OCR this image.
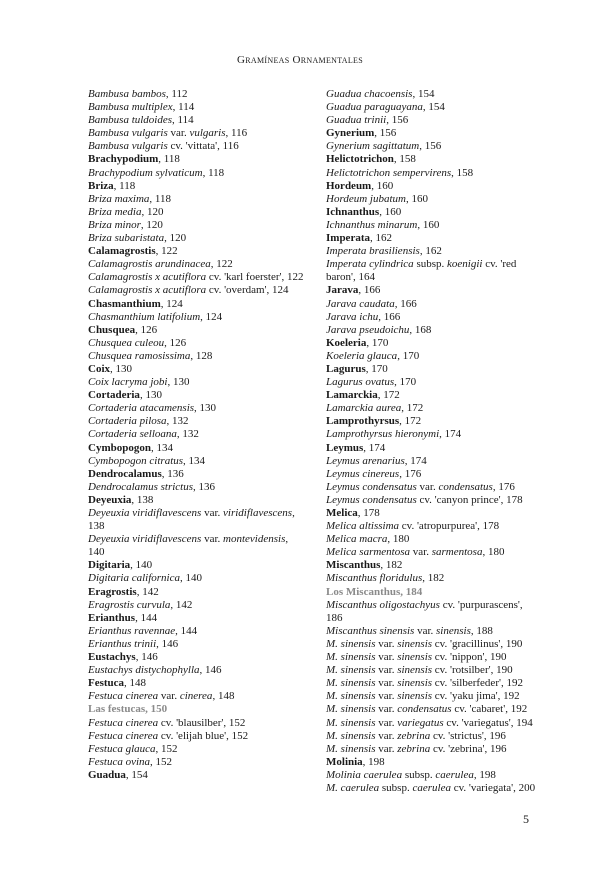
Gramíneas Ornamentales
Bambusa bambos, 112
Bambusa multiplex, 114
Bambusa tuldoides, 114
Bambusa vulgaris var. vulgaris, 116
Bambusa vulgaris cv. 'vittata', 116
Brachypodium, 118
Brachypodium sylvaticum, 118
Briza, 118
Briza maxima, 118
Briza media, 120
Briza minor, 120
Briza subaristata, 120
Calamagrostis, 122
Calamagrostis arundinacea, 122
Calamagrostis x acutiflora cv. 'karl foerster', 122
Calamagrostis x acutiflora cv. 'overdam', 124
Chasmanthium, 124
Chasmanthium latifolium, 124
Chusquea, 126
Chusquea culeou, 126
Chusquea ramosissima, 128
Coix, 130
Coix lacryma jobi, 130
Cortaderia, 130
Cortaderia atacamensis, 130
Cortaderia pilosa, 132
Cortaderia selloana, 132
Cymbopogon, 134
Cymbopogon citratus, 134
Dendrocalamus, 136
Dendrocalamus strictus, 136
Deyeuxia, 138
Deyeuxia viridiflavescens var. viridiflavescens,
138
Deyeuxia viridiflavescens var. montevidensis,
140
Digitaria, 140
Digitaria californica, 140
Eragrostis, 142
Eragrostis curvula, 142
Erianthus, 144
Erianthus ravennae, 144
Erianthus trinii, 146
Eustachys, 146
Eustachys distychophylla, 146
Festuca, 148
Festuca cinerea var. cinerea, 148
Las festucas, 150
Festuca cinerea cv. 'blausilber', 152
Festuca cinerea cv. 'elijah blue', 152
Festuca glauca, 152
Festuca ovina, 152
Guadua, 154
Guadua chacoensis, 154
Guadua paraguayana, 154
Guadua trinii, 156
Gynerium, 156
Gynerium sagittatum, 156
Helictotrichon, 158
Helictotrichon sempervirens, 158
Hordeum, 160
Hordeum jubatum, 160
Ichnanthus, 160
Ichnanthus minarum, 160
Imperata, 162
Imperata brasiliensis, 162
Imperata cylindrica subsp. koenigii cv. 'red
baron', 164
Jarava, 166
Jarava caudata, 166
Jarava ichu, 166
Jarava pseudoichu, 168
Koeleria, 170
Koeleria glauca, 170
Lagurus, 170
Lagurus ovatus, 170
Lamarckia, 172
Lamarckia aurea, 172
Lamprothyrsus, 172
Lamprothyrsus hieronymi, 174
Leymus, 174
Leymus arenarius, 174
Leymus cinereus, 176
Leymus condensatus var. condensatus, 176
Leymus condensatus cv. 'canyon prince', 178
Melica, 178
Melica altissima cv. 'atropurpurea', 178
Melica macra, 180
Melica sarmentosa var. sarmentosa, 180
Miscanthus, 182
Miscanthus floridulus, 182
Los Miscanthus, 184
Miscanthus oligostachyus cv. 'purpurascens', 186
Miscanthus sinensis var. sinensis, 188
M. sinensis var. sinensis cv. 'gracillinus', 190
M. sinensis var. sinensis cv. 'nippon', 190
M. sinensis var. sinensis cv. 'rotsilber', 190
M. sinensis var. sinensis cv. 'silberfeder', 192
M. sinensis var. sinensis cv. 'yaku jima', 192
M. sinensis var. condensatus cv. 'cabaret', 192
M. sinensis var. variegatus cv. 'variegatus', 194
M. sinensis var. zebrina cv. 'strictus', 196
M. sinensis var. zebrina cv. 'zebrina', 196
Molinia, 198
Molinia caerulea subsp. caerulea, 198
M. caerulea subsp. caerulea cv. 'variegata', 200
5
